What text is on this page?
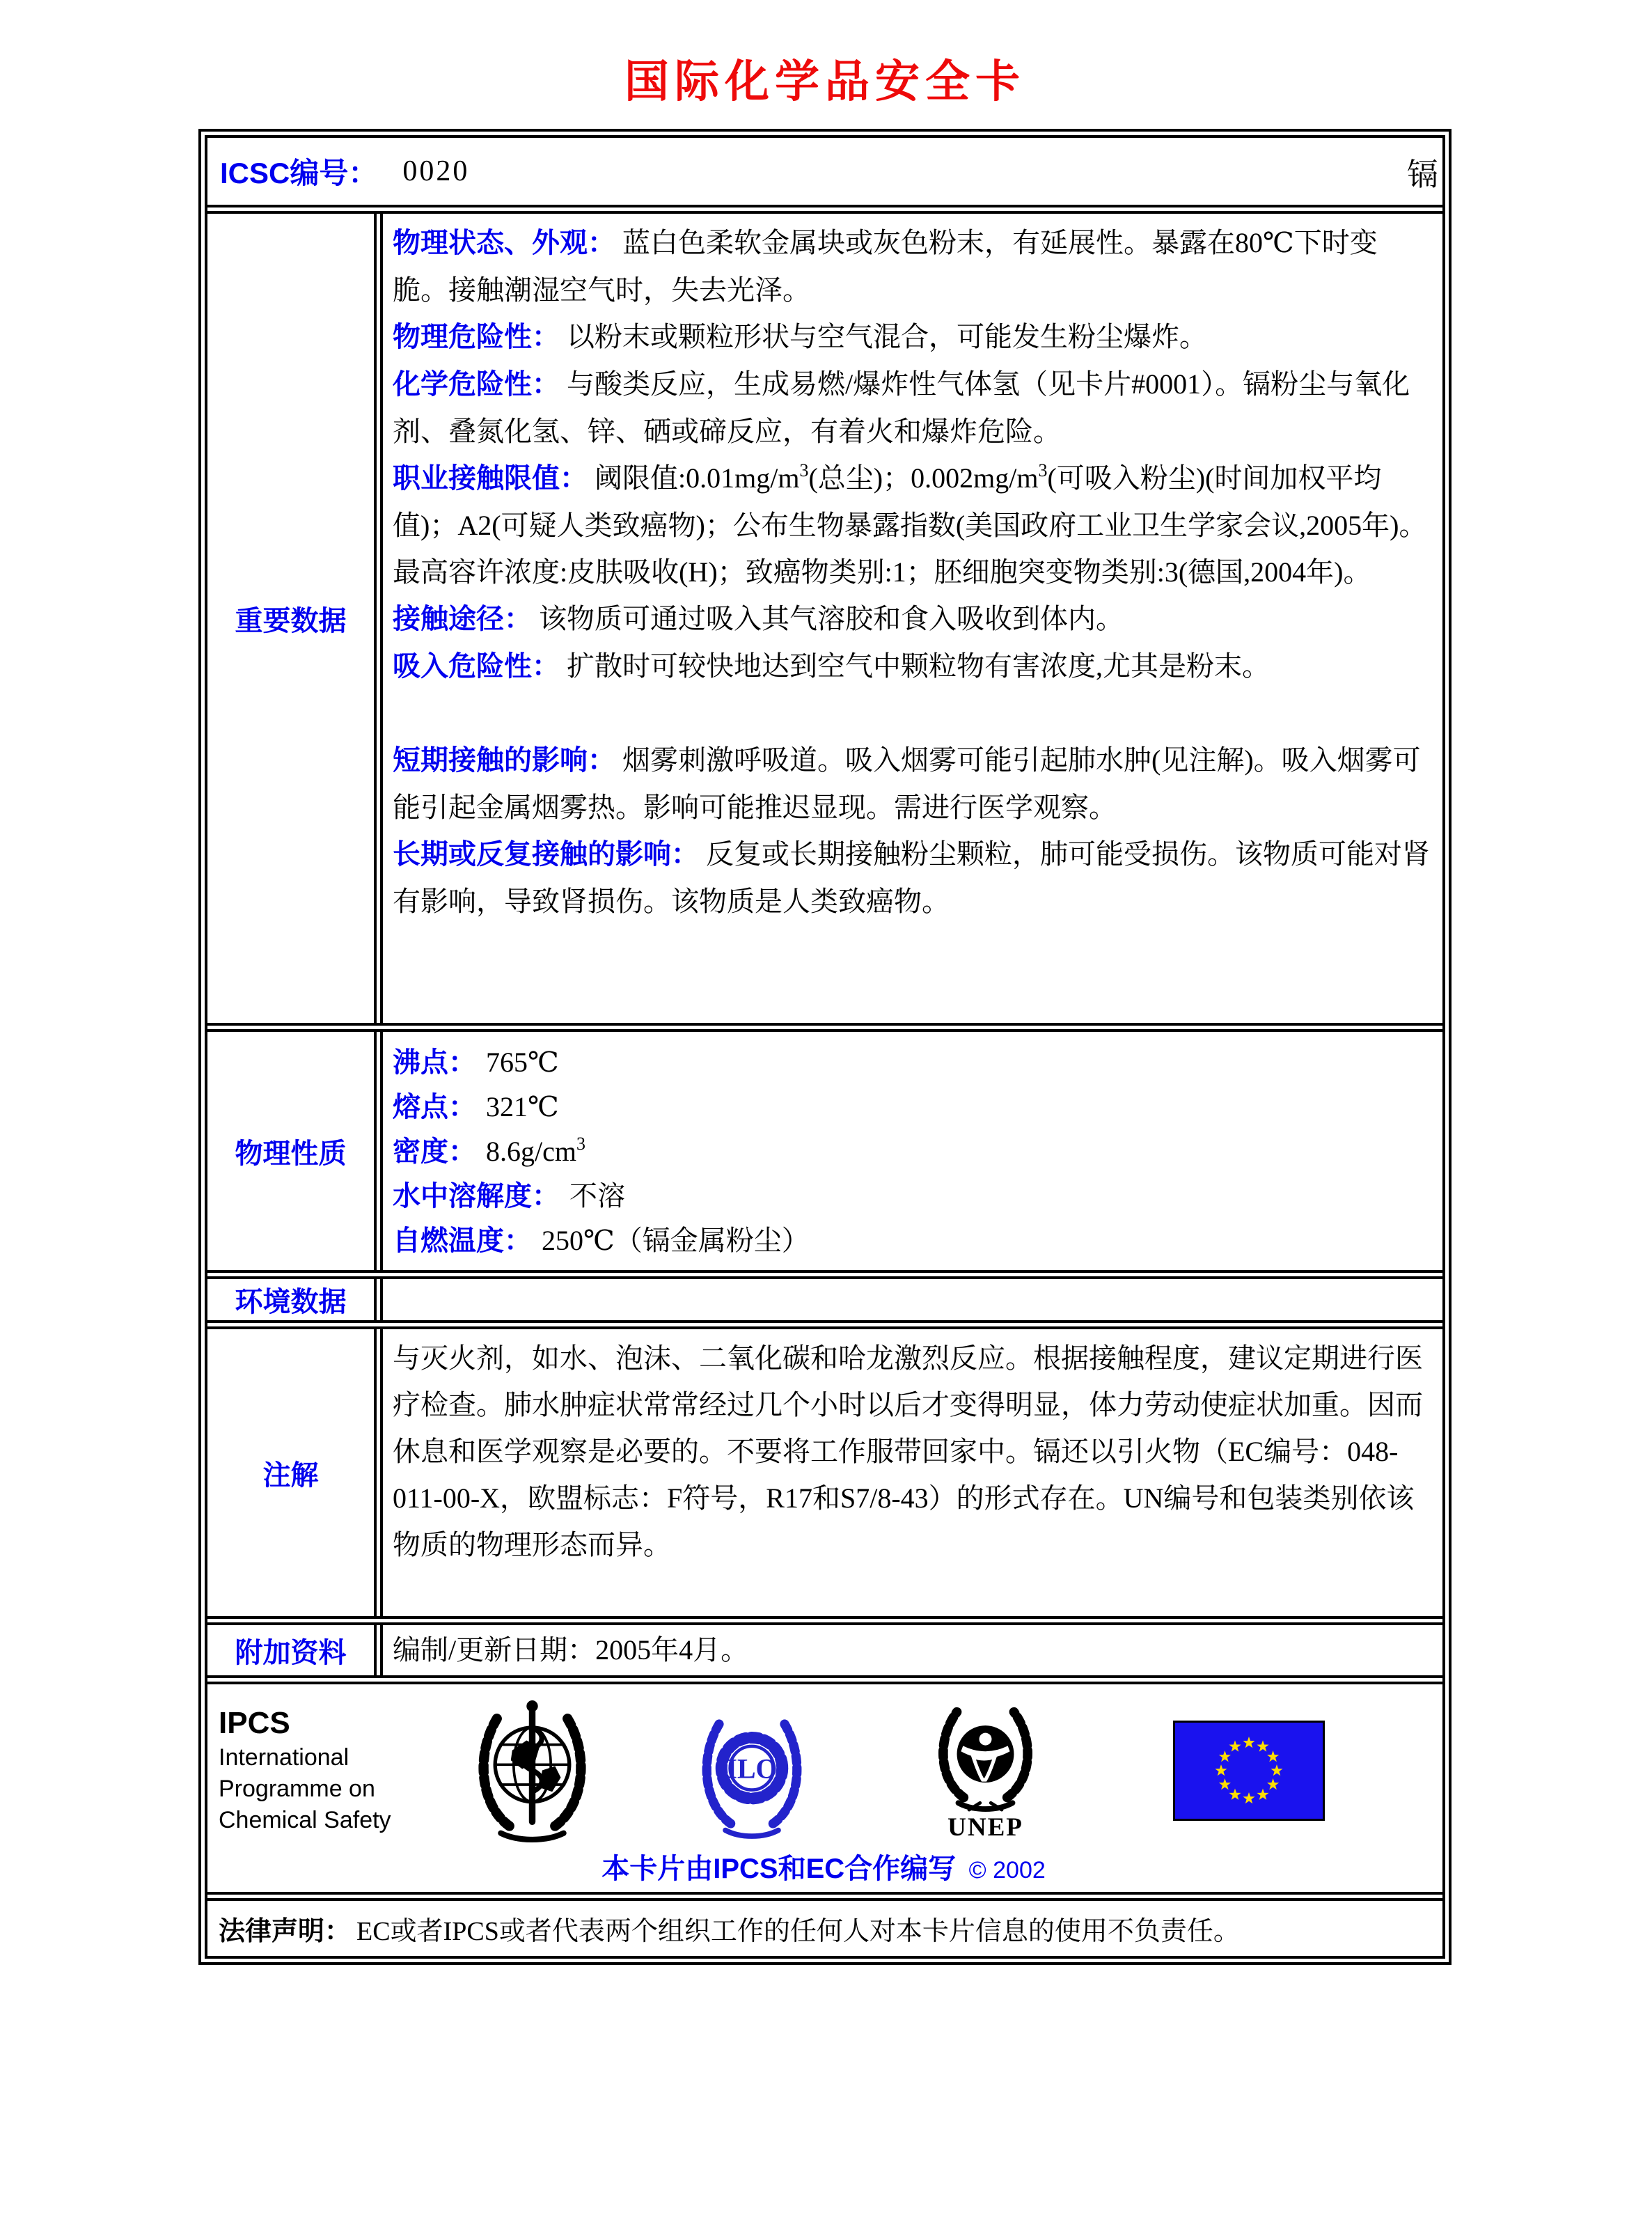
国际化学品安全卡
ICSC编号： 0020	镉
重要数据
物理状态、外观： 蓝白色柔软金属块或灰色粉末，有延展性。暴露在80℃下时变脆。接触潮湿空气时，失去光泽。
物理危险性： 以粉末或颗粒形状与空气混合，可能发生粉尘爆炸。
化学危险性： 与酸类反应，生成易燃/爆炸性气体氢（见卡片#0001）。镉粉尘与氧化剂、叠氮化氢、锌、硒或碲反应，有着火和爆炸危险。
职业接触限值： 阈限值$:0.01mg/m^3$(总尘)；$0.002mg/m^3$(可吸入粉尘)(时间加权平均值)；A2(可疑人类致癌物)；公布生物暴露指数(美国政府工业卫生学家会议,2005年)。最高容许浓度:皮肤吸收(H)；致癌物类别:1；胚细胞突变物类别:3(德国,2004年)。
接触途径： 该物质可通过吸入其气溶胶和食入吸收到体内。
吸入危险性： 扩散时可较快地达到空气中颗粒物有害浓度,尤其是粉末。
短期接触的影响： 烟雾刺激呼吸道。吸入烟雾可能引起肺水肿(见注解)。吸入烟雾可能引起金属烟雾热。影响可能推迟显现。需进行医学观察。
长期或反复接触的影响： 反复或长期接触粉尘颗粒，肺可能受损伤。该物质可能对肾有影响，导致肾损伤。该物质是人类致癌物。
物理性质
沸点： 765℃
熔点： 321℃
密度： $8.6g/cm^3$
水中溶解度： 不溶
自燃温度： 250℃（镉金属粉尘）
环境数据
注解
与灭火剂，如水、泡沫、二氧化碳和哈龙激烈反应。根据接触程度，建议定期进行医疗检查。肺水肿症状常常经过几个小时以后才变得明显，体力劳动使症状加重。因而休息和医学观察是必要的。不要将工作服带回家中。镉还以引火物（EC编号：048-011-00-X，欧盟标志：F符号，R17和S7/8-43）的形式存在。UN编号和包装类别依该物质的物理形态而异。
附加资料 编制/更新日期：2005年4月。
IPCS
International
Programme on
Chemical Safety
ILO
UNEP
本卡片由IPCS和EC合作编写 © 2002
法律声明： EC或者IPCS或者代表两个组织工作的任何人对本卡片信息的使用不负责任。
